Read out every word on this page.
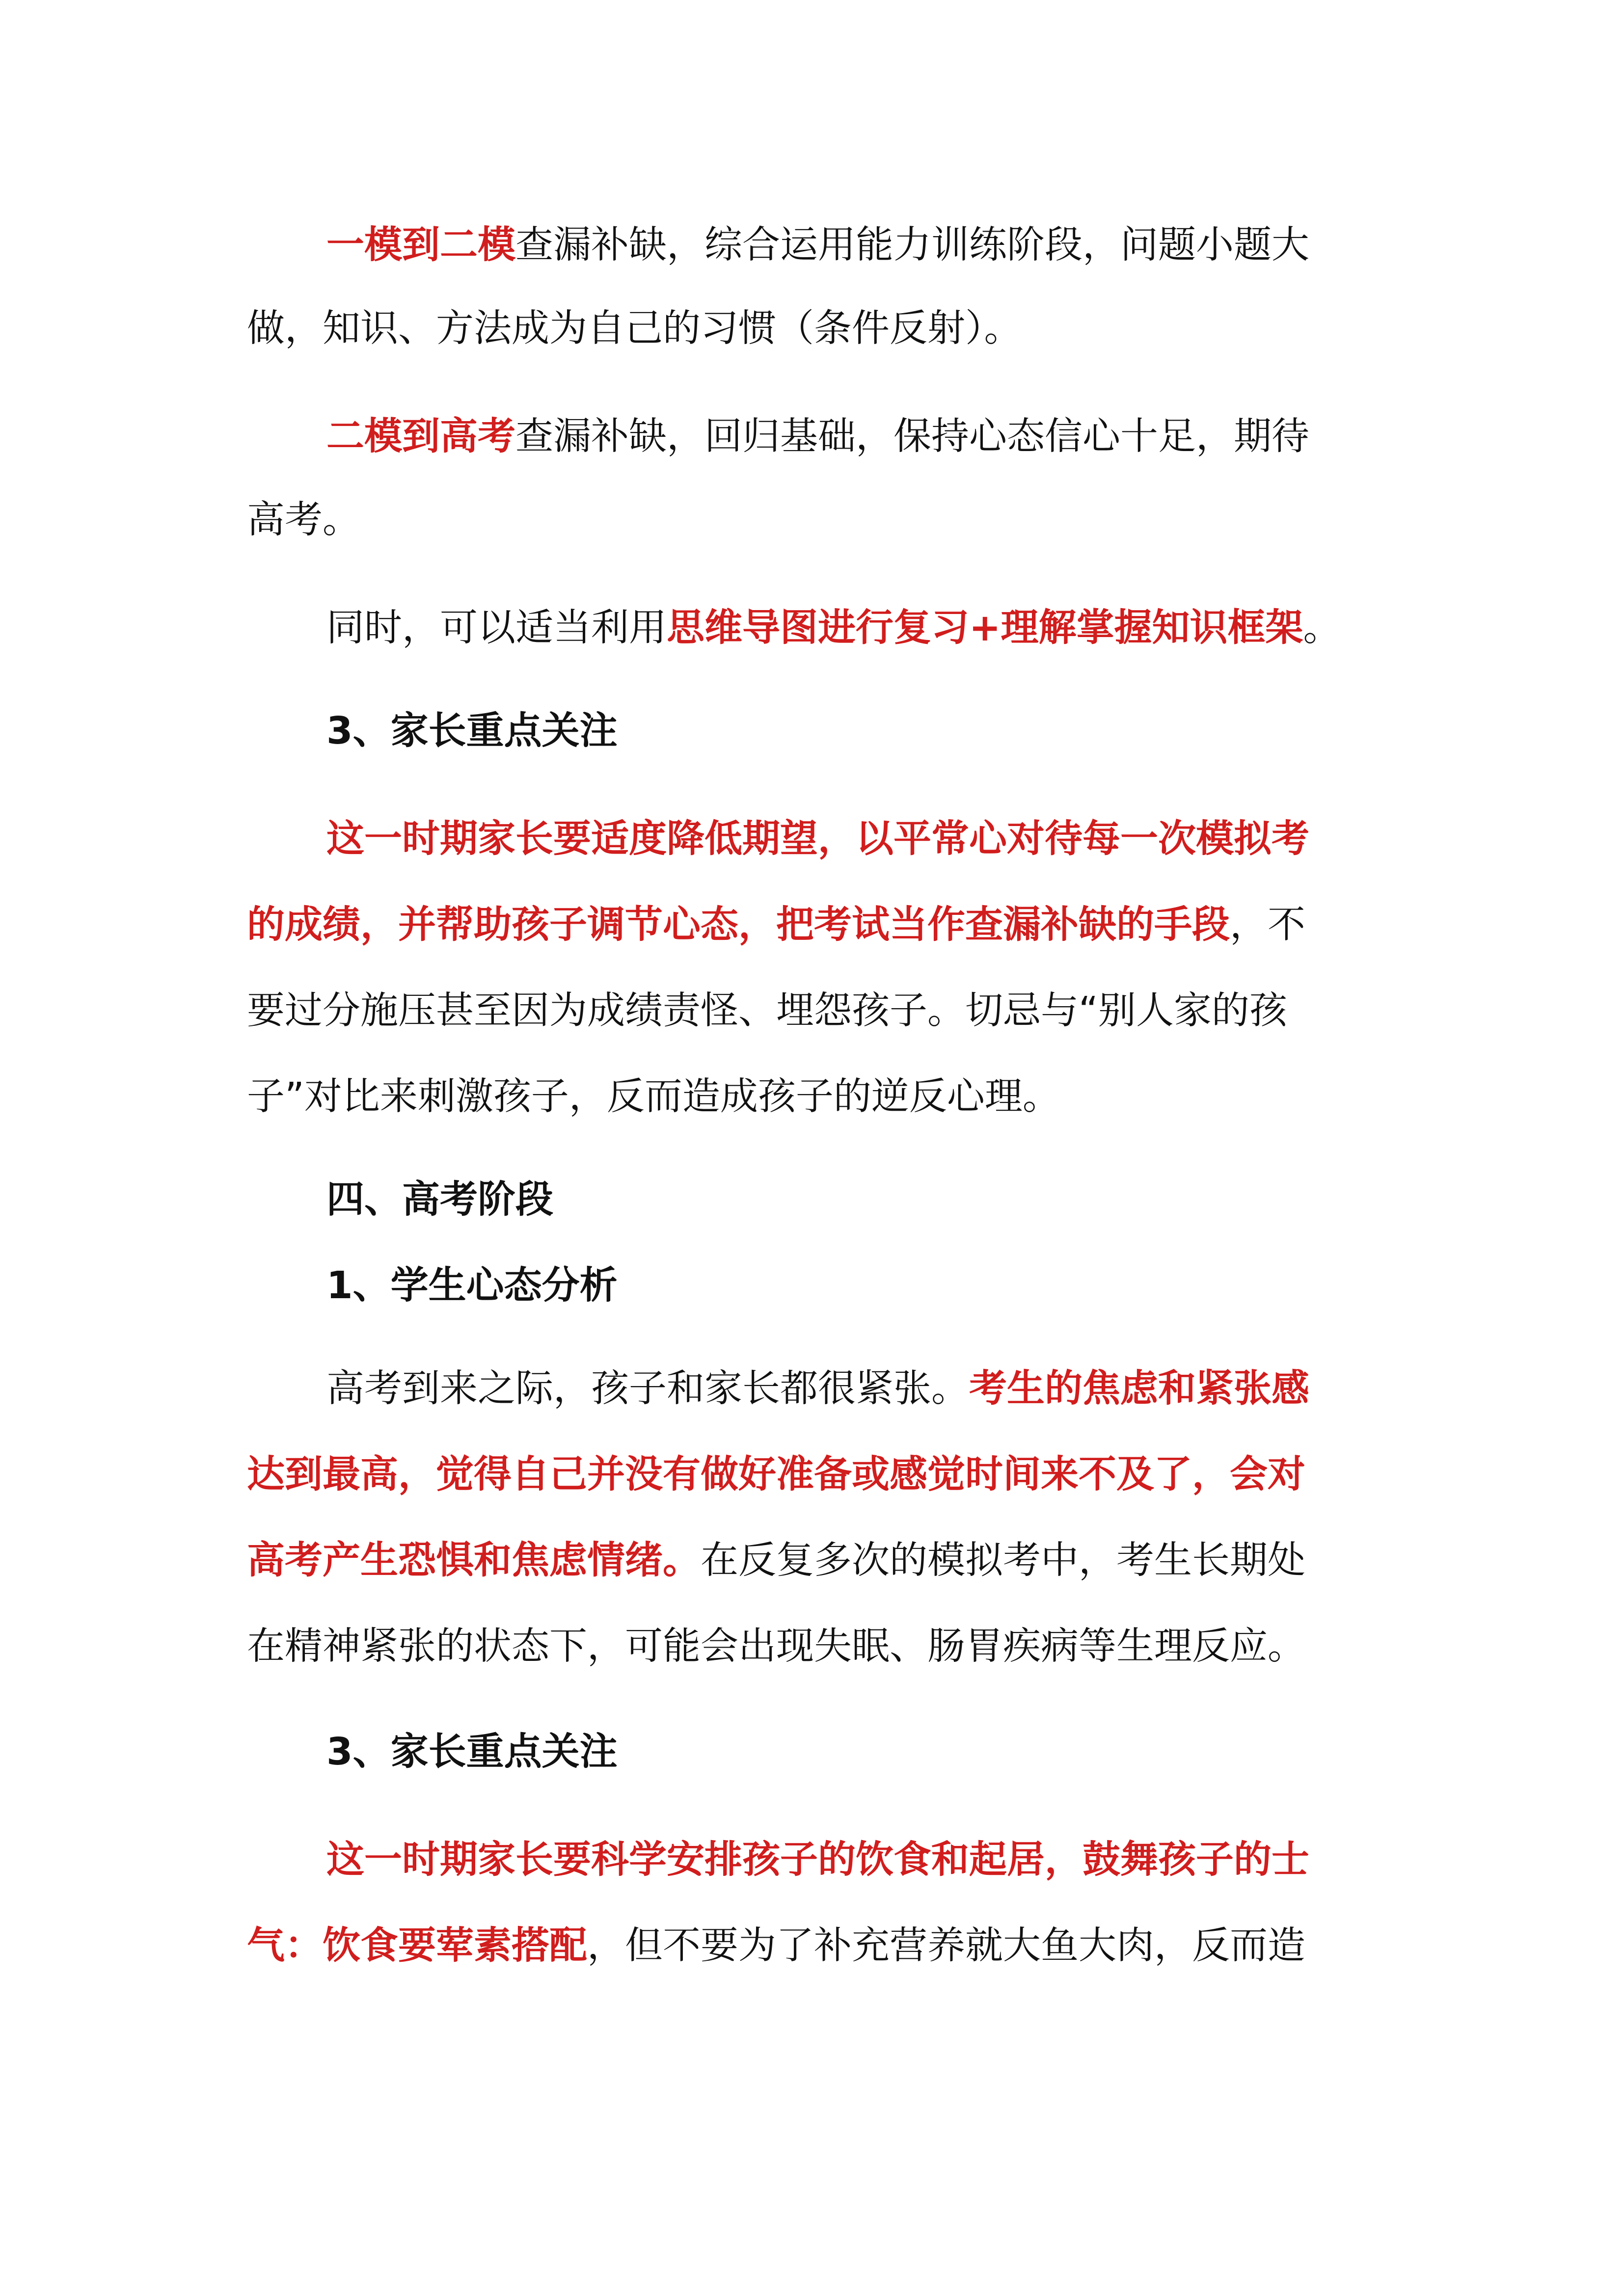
一模到二模查漏补缺，综合运用能力训练阶段，问题小题大
做，知识、方法成为自己的习惯（条件反射）。
二模到高考查漏补缺，回归基础，保持心态信心十足，期待
高考。
同时，可以适当利用思维导图进行复习+理解掌握知识框架。
3、家长重点关注
这一时期家长要适度降低期望，以平常心对待每一次模拟考
的成绩，并帮助孩子调节心态，把考试当作查漏补缺的手段，不
要过分施压甚至因为成绩责怪、埋怨孩子。切忌与“别人家的孩
子”对比来刺激孩子，反而造成孩子的逆反心理。
四、高考阶段
1、学生心态分析
高考到来之际，孩子和家长都很紧张。考生的焦虑和紧张感
达到最高，觉得自己并没有做好准备或感觉时间来不及了，会对
高考产生恐惧和焦虑情绪。在反复多次的模拟考中，考生长期处
在精神紧张的状态下，可能会出现失眠、肠胃疾病等生理反应。
3、家长重点关注
这一时期家长要科学安排孩子的饮食和起居，鼓舞孩子的士
气：饮食要荤素搭配，但不要为了补充营养就大鱼大肉，反而造
